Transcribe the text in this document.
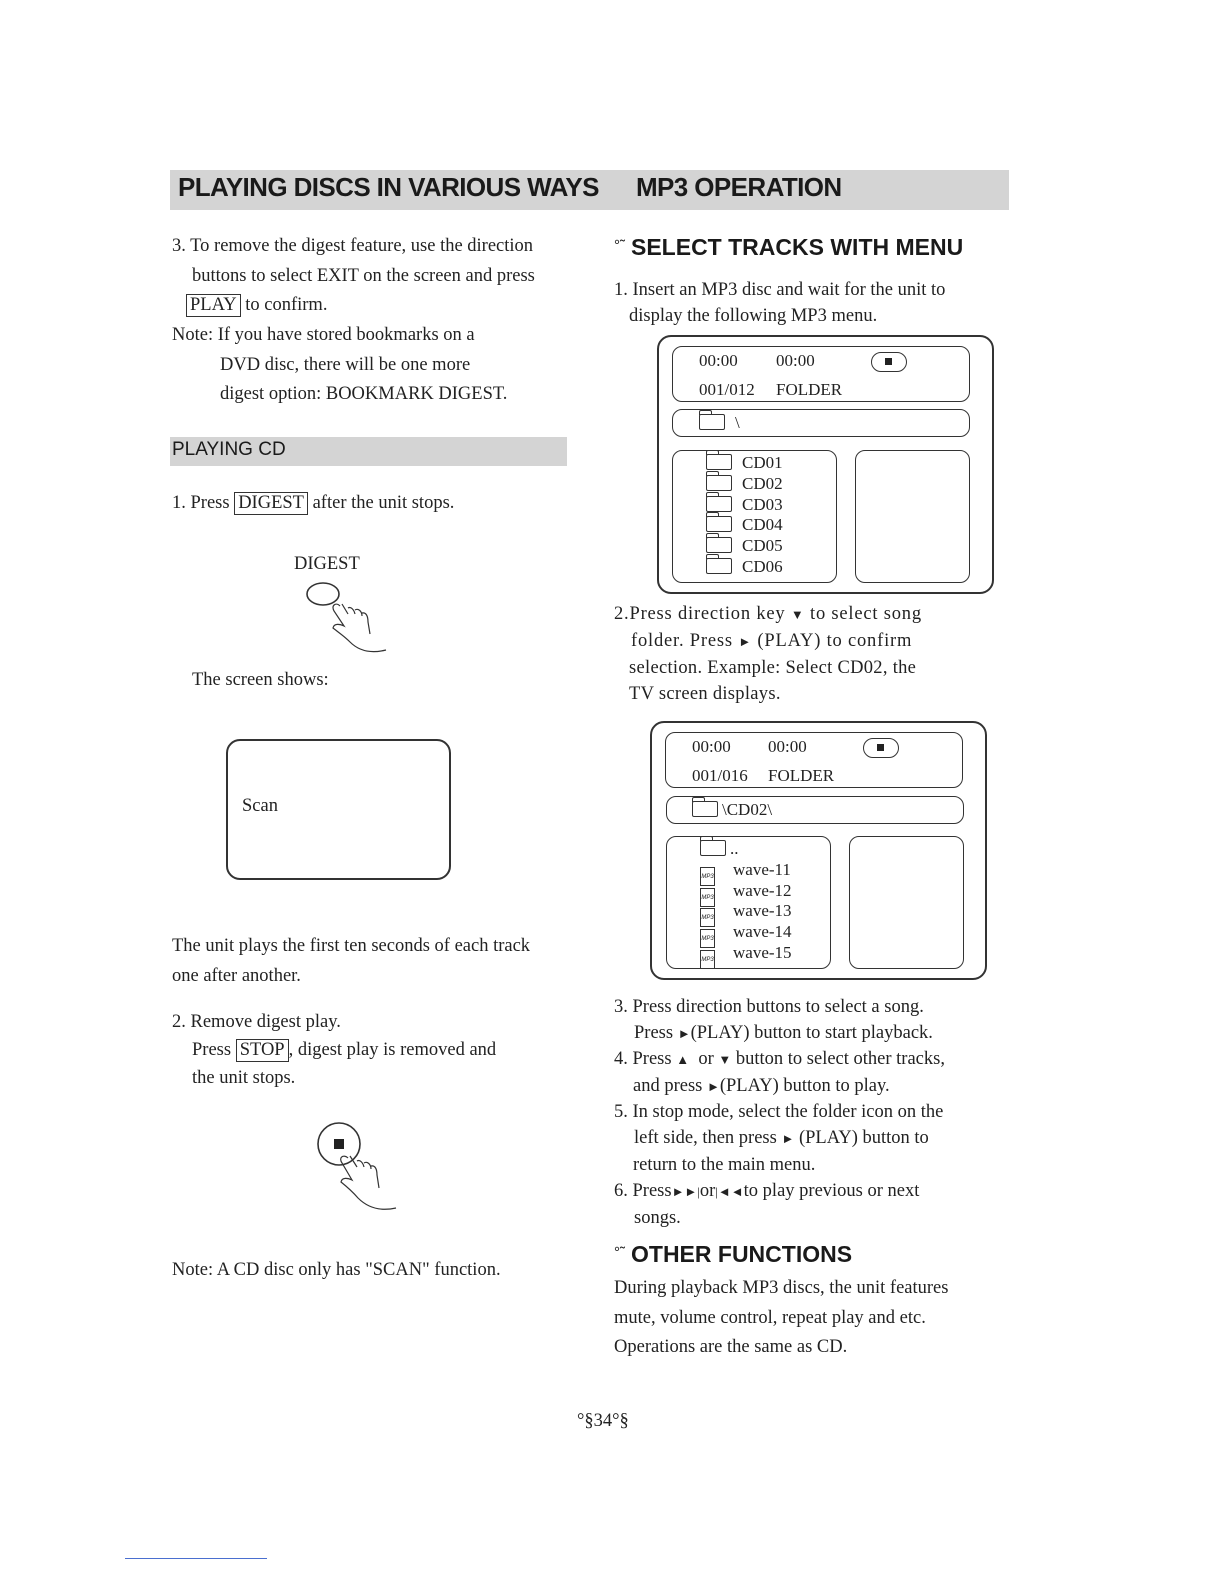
PLAYING DISCS IN VARIOUS WAYS MP3 OPERATION
3. To remove the digest feature, use the direction
buttons to select EXIT on the screen and press
PLAY to confirm.
Note: If you have stored bookmarks on a
DVD disc, there will be one more
digest option: BOOKMARK DIGEST.
PLAYING CD
1. Press DIGEST after the unit stops.
DIGEST
The screen shows:
Scan
The unit plays the first ten seconds of each track
one after another.
2. Remove digest play.
Press STOP , digest play is removed and
the unit stops.
Note: A CD disc only has "SCAN" function.
°˜ SELECT TRACKS WITH MENU
1. Insert an MP3 disc and wait for the unit to
display the following MP3 menu.
00:00 00:00
001/012 FOLDER
\
CD01
CD02
CD03
CD04
CD05
CD06
2.Press direction key ▼ to select song
folder. Press ► (PLAY) to confirm
selection. Example: Select CD02, the
TV screen displays.
00:00 00:00
001/016 FOLDER
\CD02\
..
MP3 wave-11
MP3 wave-12
MP3 wave-13
MP3 wave-14
MP3 wave-15
3. Press direction buttons to select a song.
Press ►(PLAY) button to start playback.
4. Press ▲ or ▼ button to select other tracks,
and press ►(PLAY) button to play.
5. In stop mode, select the folder icon on the
left side, then press ► (PLAY) button to
return to the main menu.
6. Press►►|or|◄◄to play previous or next
songs.
°˜ OTHER FUNCTIONS
During playback MP3 discs, the unit features
mute, volume control, repeat play and etc.
Operations are the same as CD.
°§34°§
